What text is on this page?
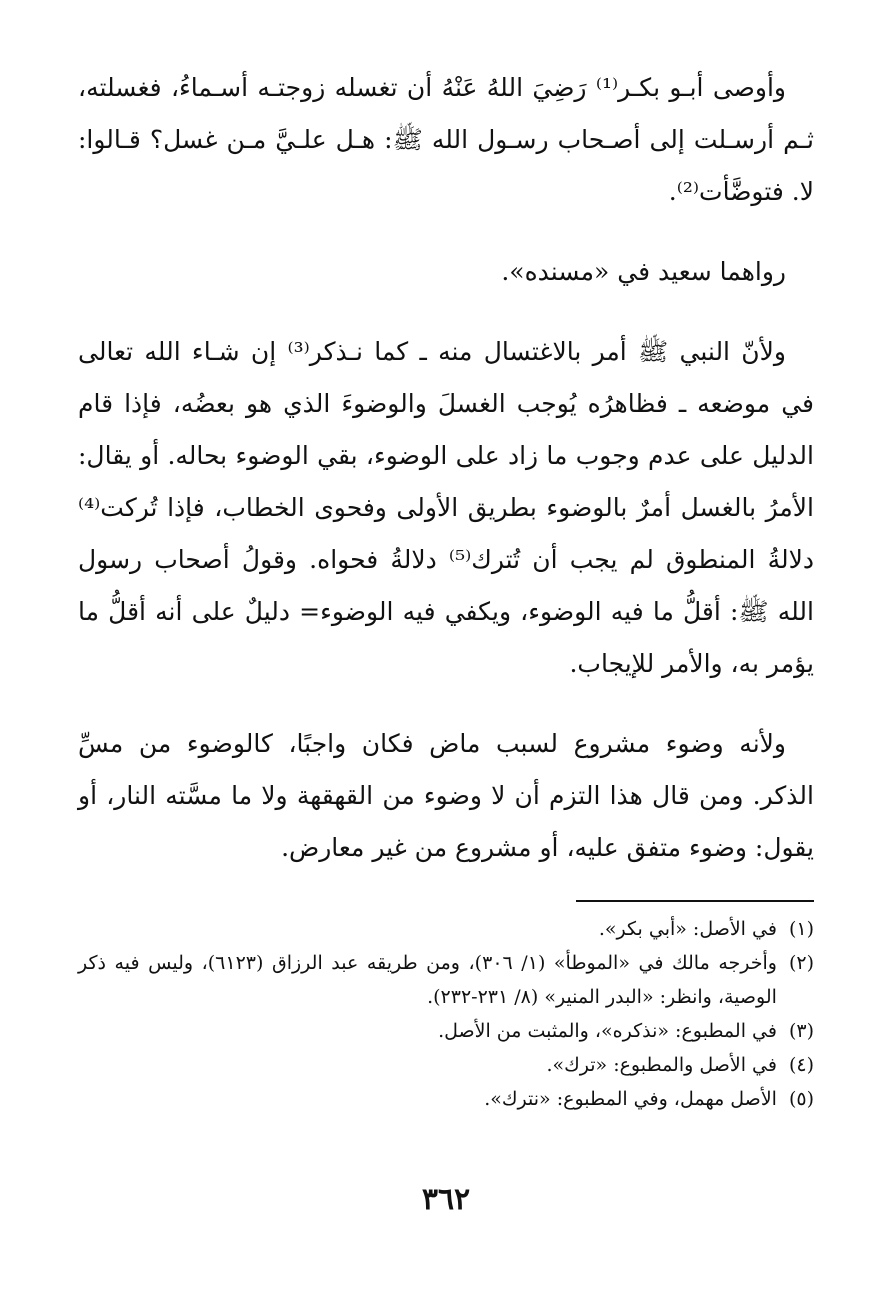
وأوصى أبـو بكـر⁽¹⁾ رَضِيَ اللهُ عَنْهُ أن تغسله زوجتـه أسـماءُ، فغسلته، ثـم أرسـلت إلى أصـحاب رسـول الله ﷺ: هـل علـيَّ مـن غسل؟ قـالوا: لا. فتوضَّأت⁽²⁾.

رواهما سعيد في «مسنده».

ولأنّ النبي ﷺ أمر بالاغتسال منه ـ كما نـذكر⁽³⁾ إن شـاء الله تعالى في موضعه ـ فظاهرُه يُوجب الغسلَ والوضوءَ الذي هو بعضُه، فإذا قام الدليل على عدم وجوب ما زاد على الوضوء، بقي الوضوء بحاله. أو يقال: الأمرُ بالغسل أمرٌ بالوضوء بطريق الأولى وفحوى الخطاب، فإذا تُركت⁽⁴⁾ دلالةُ المنطوق لم يجب أن تُترك⁽⁵⁾ دلالةُ فحواه. وقولُ أصحاب رسول الله ﷺ: أقلُّ ما فيه الوضوء، ويكفي فيه الوضوء= دليلٌ على أنه أقلُّ ما يؤمر به، والأمر للإيجاب.

ولأنه وضوء مشروع لسبب ماض فكان واجبًا، كالوضوء من مسِّ الذكر. ومن قال هذا التزم أن لا وضوء من القهقهة ولا ما مسَّته النار، أو يقول: وضوء متفق عليه، أو مشروع من غير معارض.

(١)
في الأصل: «أبي بكر».
(٢)
وأخرجه مالك في «الموطأ» (١/ ٣٠٦)، ومن طريقه عبد الرزاق (٦١٢٣)، وليس فيه ذكر الوصية، وانظر: «البدر المنير» (٨/ ٢٣١-٢٣٢).
(٣)
في المطبوع: «نذكره»، والمثبت من الأصل.
(٤)
في الأصل والمطبوع: «ترك».
(٥)
الأصل مهمل، وفي المطبوع: «نترك».
٣٦٢
